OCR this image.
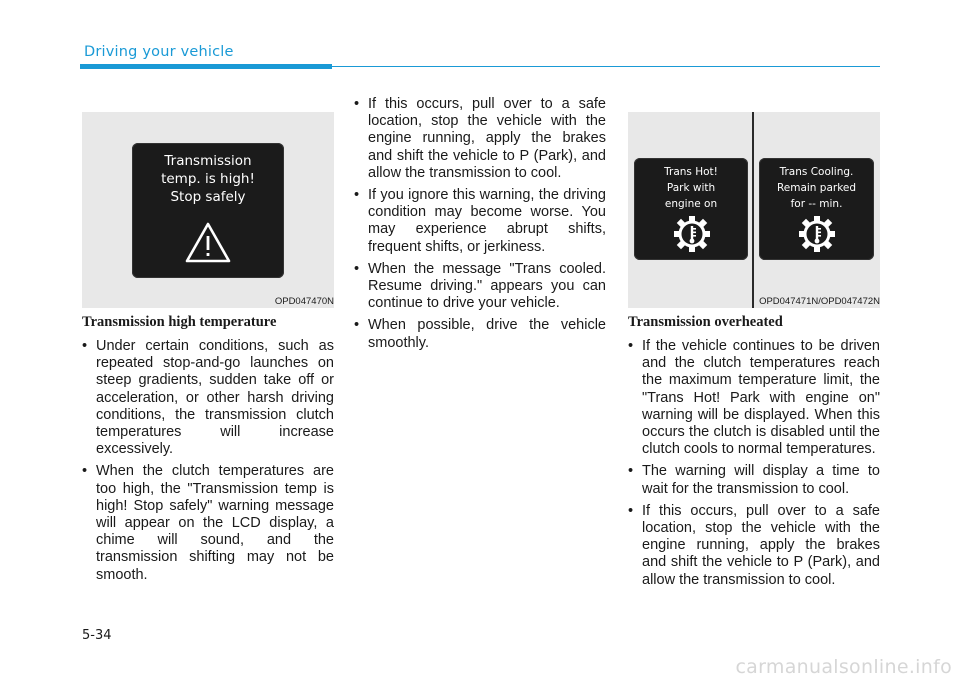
Driving your vehicle
Transmission
temp. is high!
Stop safely
OPD047470N
Trans Hot!
Park with
engine on
Trans Cooling.
Remain parked
for -- min.
OPD047471N/OPD047472N
Transmission high temperature	Transmission overheated
• Under certain conditions, such as repeated stop-and-go launches on steep gradients, sudden take off or acceleration, or other harsh driving conditions, the transmission clutch temperatures will increase excessively.
• When the clutch temperatures are too high, the "Transmission temp is high! Stop safely" warning message will appear on the LCD display, a chime will sound, and the transmission shifting may not be smooth.
• If this occurs, pull over to a safe location, stop the vehicle with the engine running, apply the brakes and shift the vehicle to P (Park), and allow the transmission to cool.
• If you ignore this warning, the driving condition may become worse. You may experience abrupt shifts, frequent shifts, or jerkiness.
• When the message "Trans cooled. Resume driving." appears you can continue to drive your vehicle.
• When possible, drive the vehicle smoothly.
•	If the vehicle continues to be driven and the clutch temperatures reach the maximum temperature limit, the "Trans Hot! Park with engine on" warning will be displayed. When this occurs the clutch is disabled until the clutch cools to normal temperatures.
• The warning will display a time to wait for the transmission to cool.
• If this occurs, pull over to a safe location, stop the vehicle with the engine running, apply the brakes and shift the vehicle to P (Park), and allow the transmission to cool.
5-34
carmanualsonline.info
